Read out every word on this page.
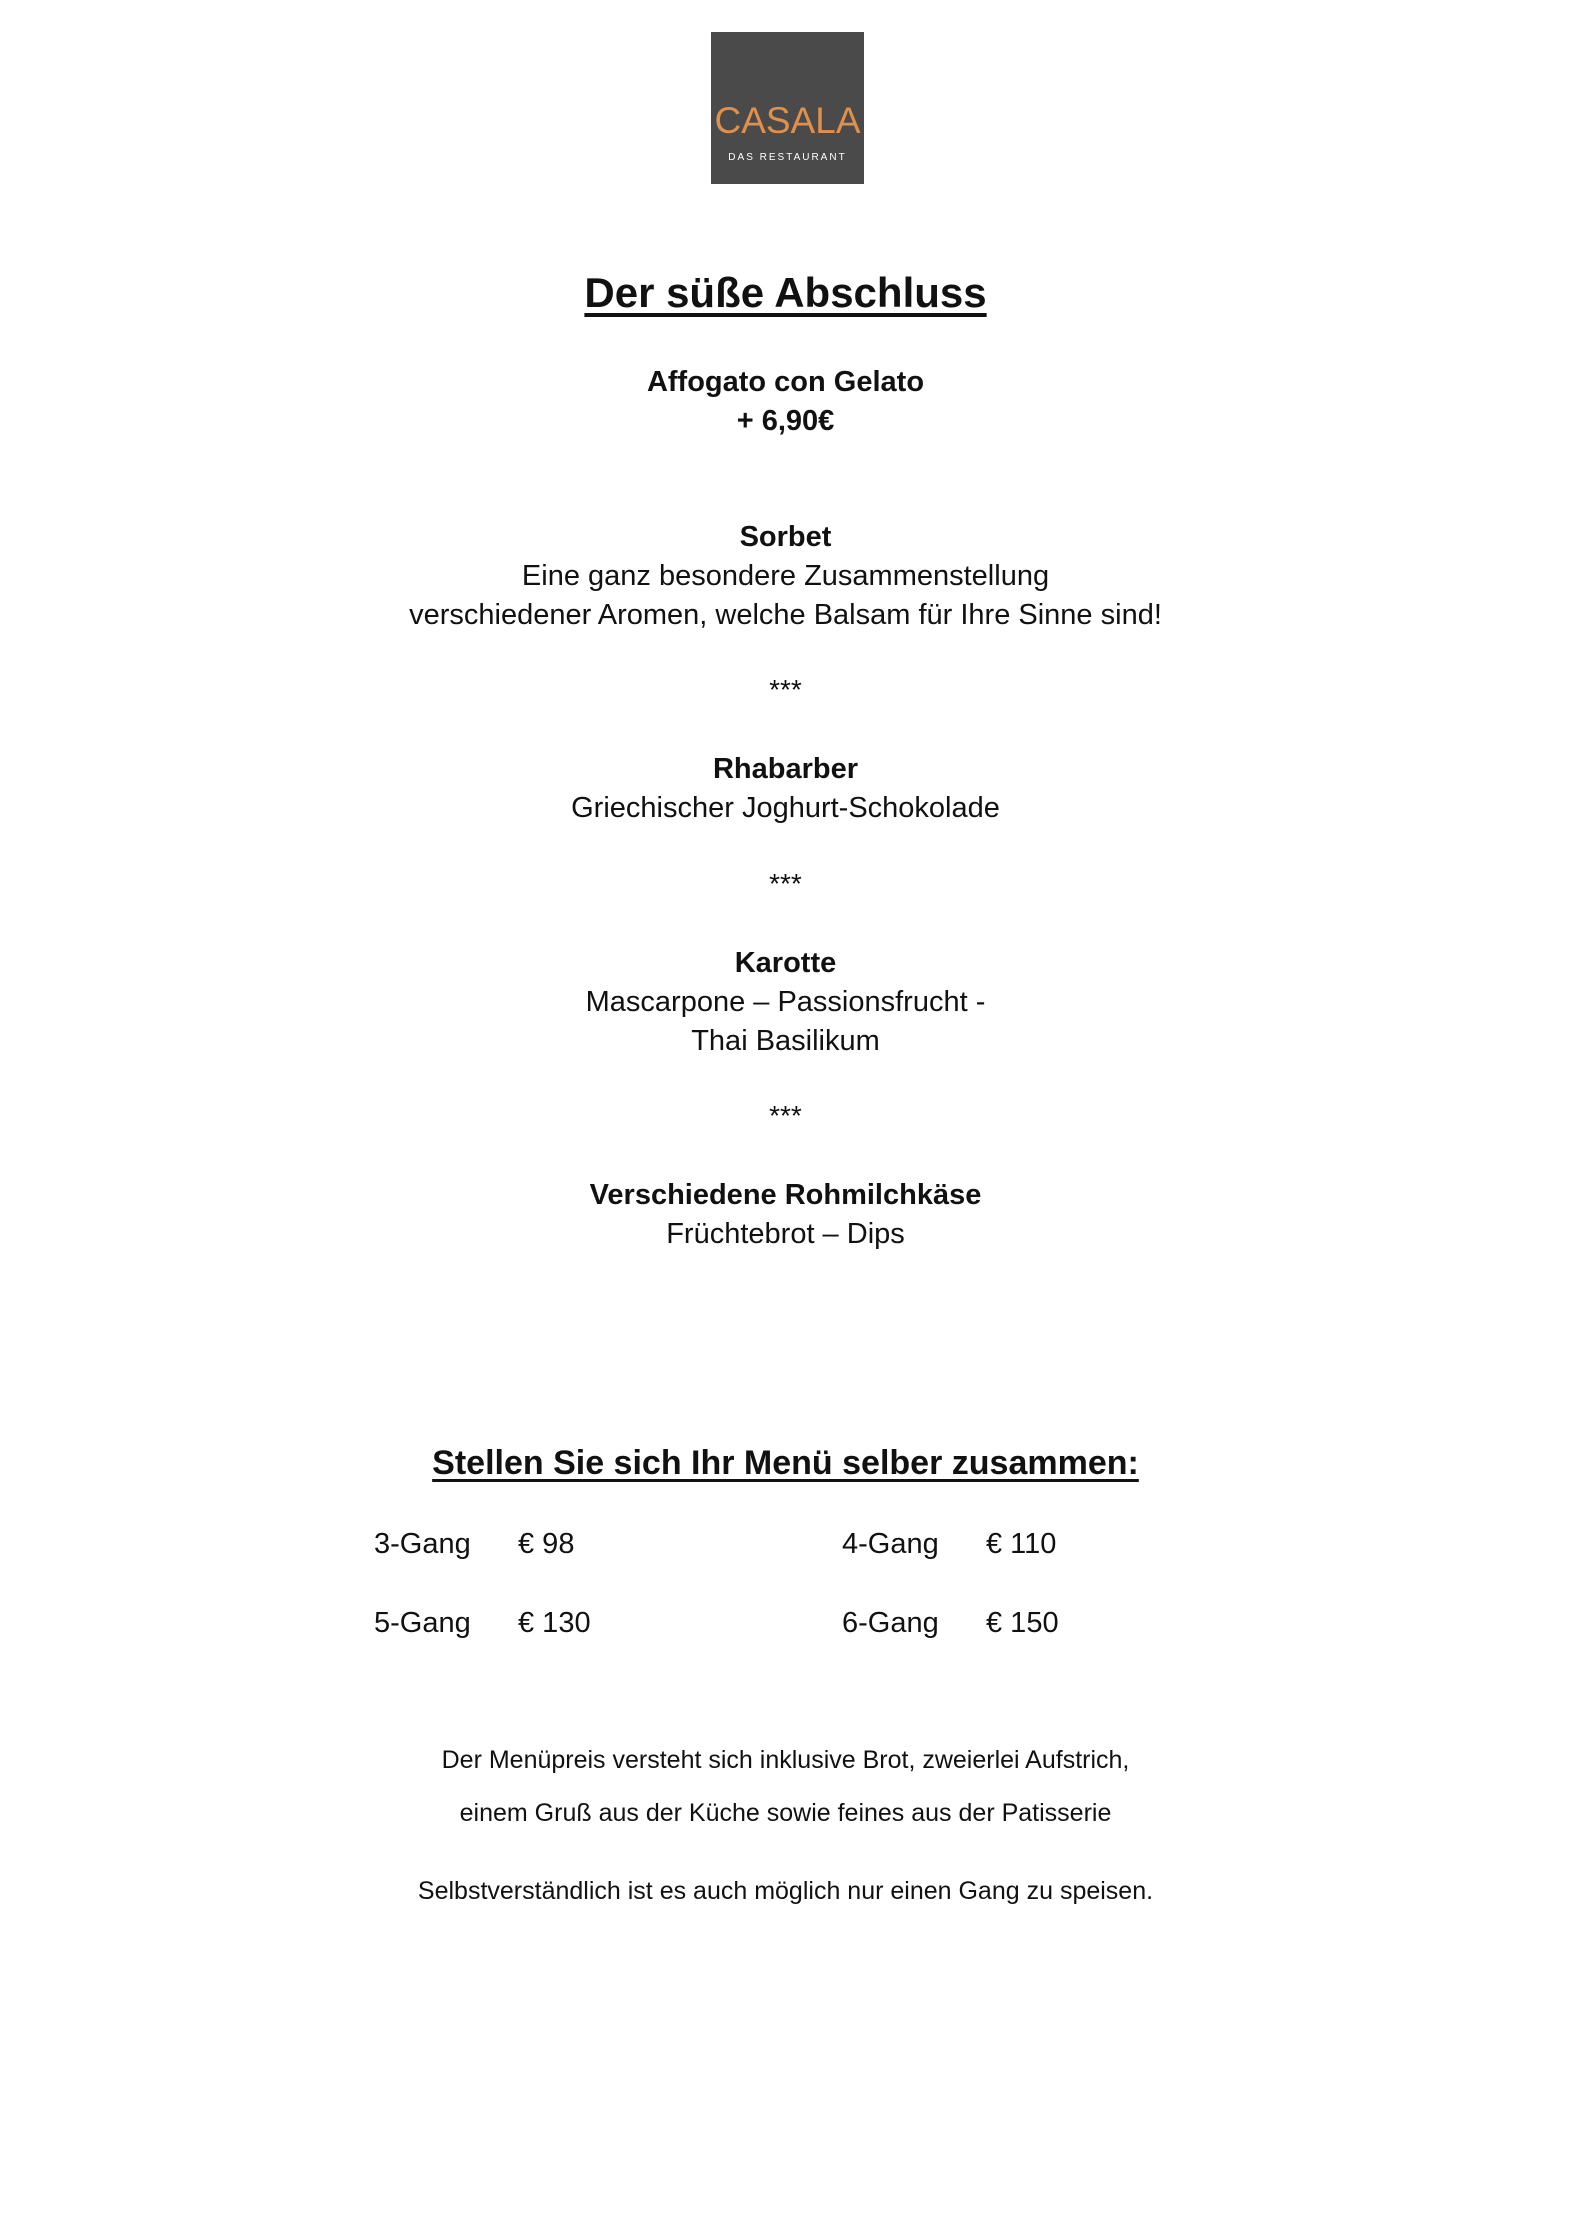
CASALA
DAS RESTAURANT
Der süße Abschluss
Affogato con Gelato
+ 6,90€
Sorbet
Eine ganz besondere Zusammenstellung
verschiedener Aromen, welche Balsam für Ihre Sinne sind!
***
Rhabarber
Griechischer Joghurt-Schokolade
***
Karotte
Mascarpone – Passionsfrucht -
Thai Basilikum
***
Verschiedene Rohmilchkäse
Früchtebrot – Dips
Stellen Sie sich Ihr Menü selber zusammen:
3-Gang € 98	4-Gang € 110
5-Gang € 130	6-Gang € 150
Der Menüpreis versteht sich inklusive Brot, zweierlei Aufstrich,
einem Gruß aus der Küche sowie feines aus der Patisserie
Selbstverständlich ist es auch möglich nur einen Gang zu speisen.
